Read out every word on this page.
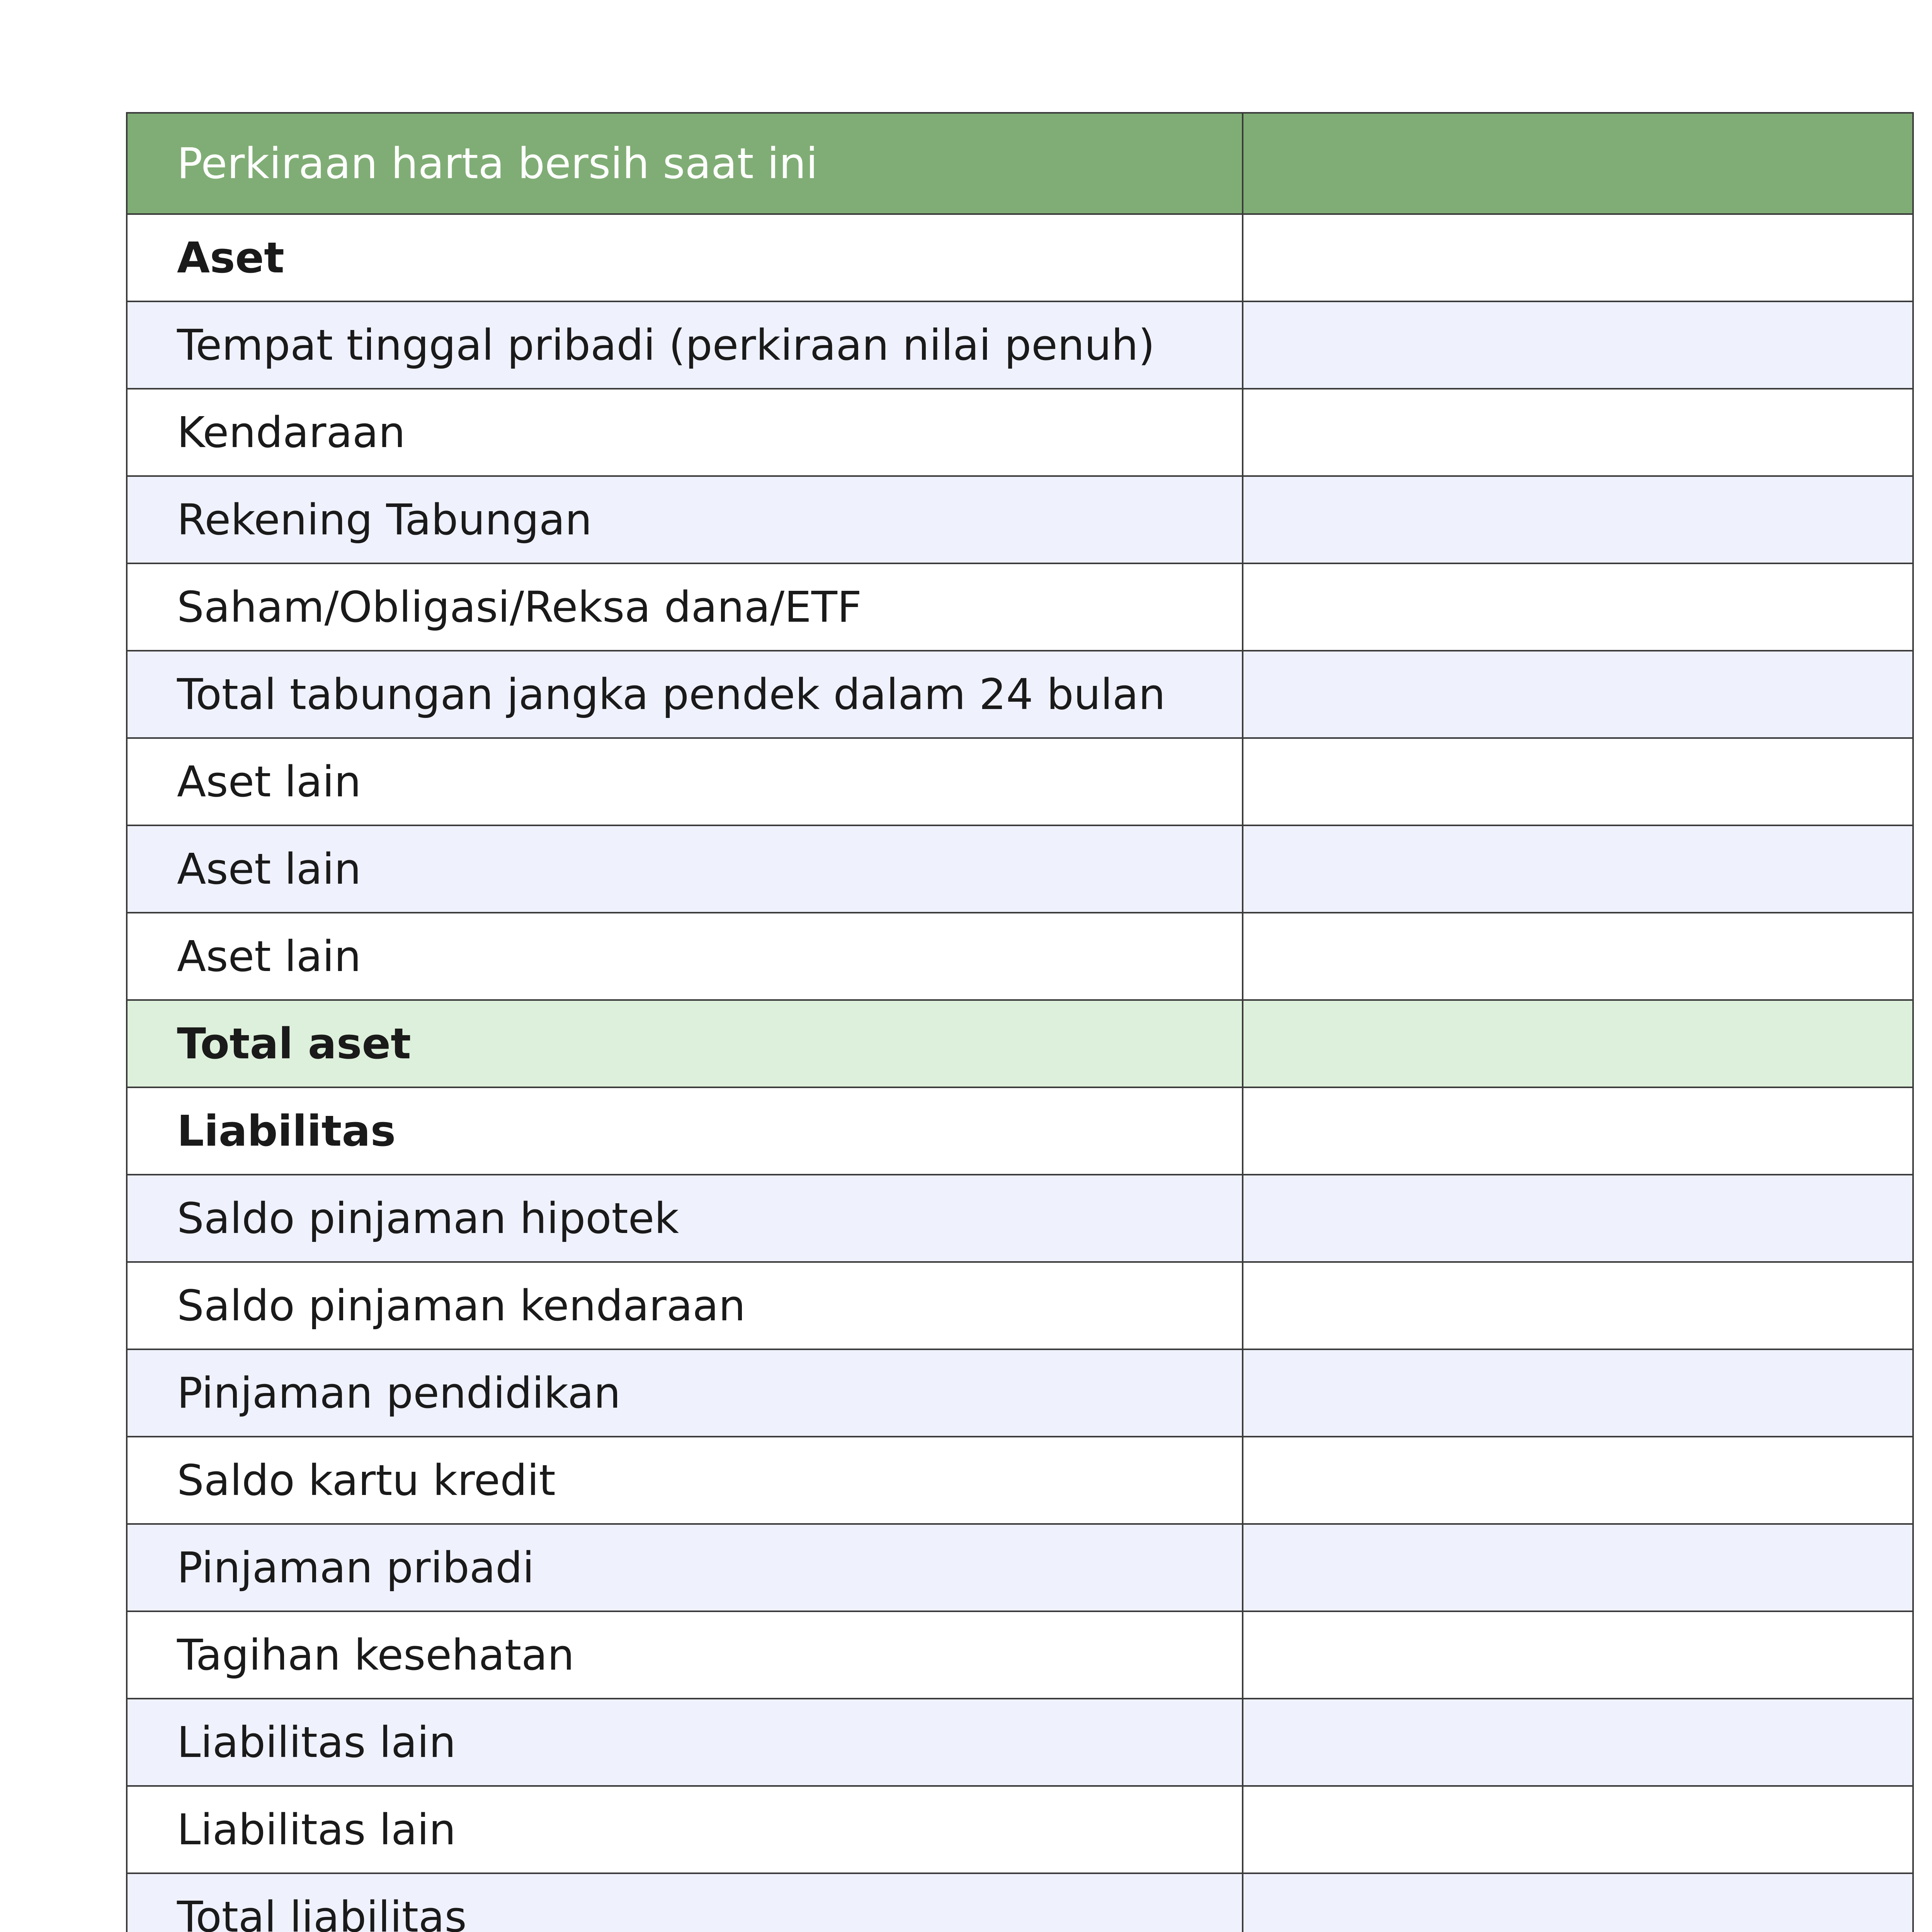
Perkiraan harta bersih saat ini	
Aset	
Tempat tinggal pribadi (perkiraan nilai penuh)	
Kendaraan	
Rekening Tabungan	
Saham/Obligasi/Reksa dana/ETF	
Total tabungan jangka pendek dalam 24 bulan	
Aset lain	
Aset lain	
Aset lain	
Total aset	
Liabilitas	
Saldo pinjaman hipotek	
Saldo pinjaman kendaraan	
Pinjaman pendidikan	
Saldo kartu kredit	
Pinjaman pribadi	
Tagihan kesehatan	
Liabilitas lain	
Liabilitas lain	
Total liabilitas	
